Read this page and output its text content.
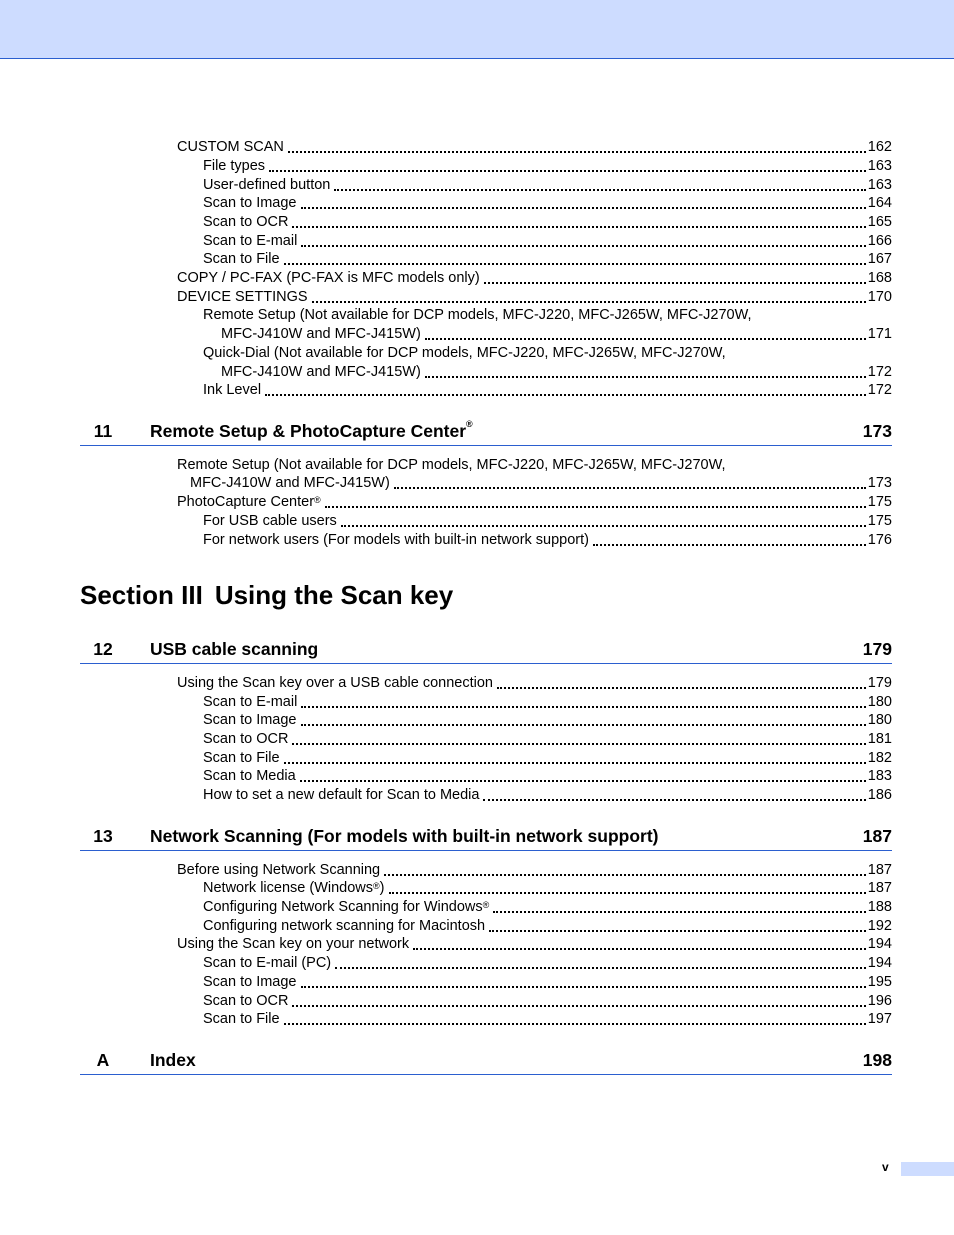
CUSTOM SCAN	162
File types	163
User-defined button	163
Scan to Image	164
Scan to OCR	165
Scan to E-mail	166
Scan to File	167
COPY / PC-FAX (PC-FAX is MFC models only)	168
DEVICE SETTINGS	170
Remote Setup (Not available for DCP models, MFC-J220, MFC-J265W, MFC-J270W,
MFC-J410W and MFC-J415W)	171
Quick-Dial (Not available for DCP models, MFC-J220, MFC-J265W, MFC-J270W,
MFC-J410W and MFC-J415W)	172
Ink Level	172
11	Remote Setup & PhotoCapture Center®	173
Remote Setup (Not available for DCP models, MFC-J220, MFC-J265W, MFC-J270W,
MFC-J410W and MFC-J415W)	173
PhotoCapture Center®	175
For USB cable users	175
For network users (For models with built-in network support)	176
Section III Using the Scan key
12	USB cable scanning	179
Using the Scan key over a USB cable connection	179
Scan to E-mail	180
Scan to Image	180
Scan to OCR	181
Scan to File	182
Scan to Media	183
How to set a new default for Scan to Media	186
13	Network Scanning (For models with built-in network support)	187
Before using Network Scanning	187
Network license (Windows®)	187
Configuring Network Scanning for Windows®	188
Configuring network scanning for Macintosh	192
Using the Scan key on your network	194
Scan to E-mail (PC)	194
Scan to Image	195
Scan to OCR	196
Scan to File	197
A	Index	198
v
